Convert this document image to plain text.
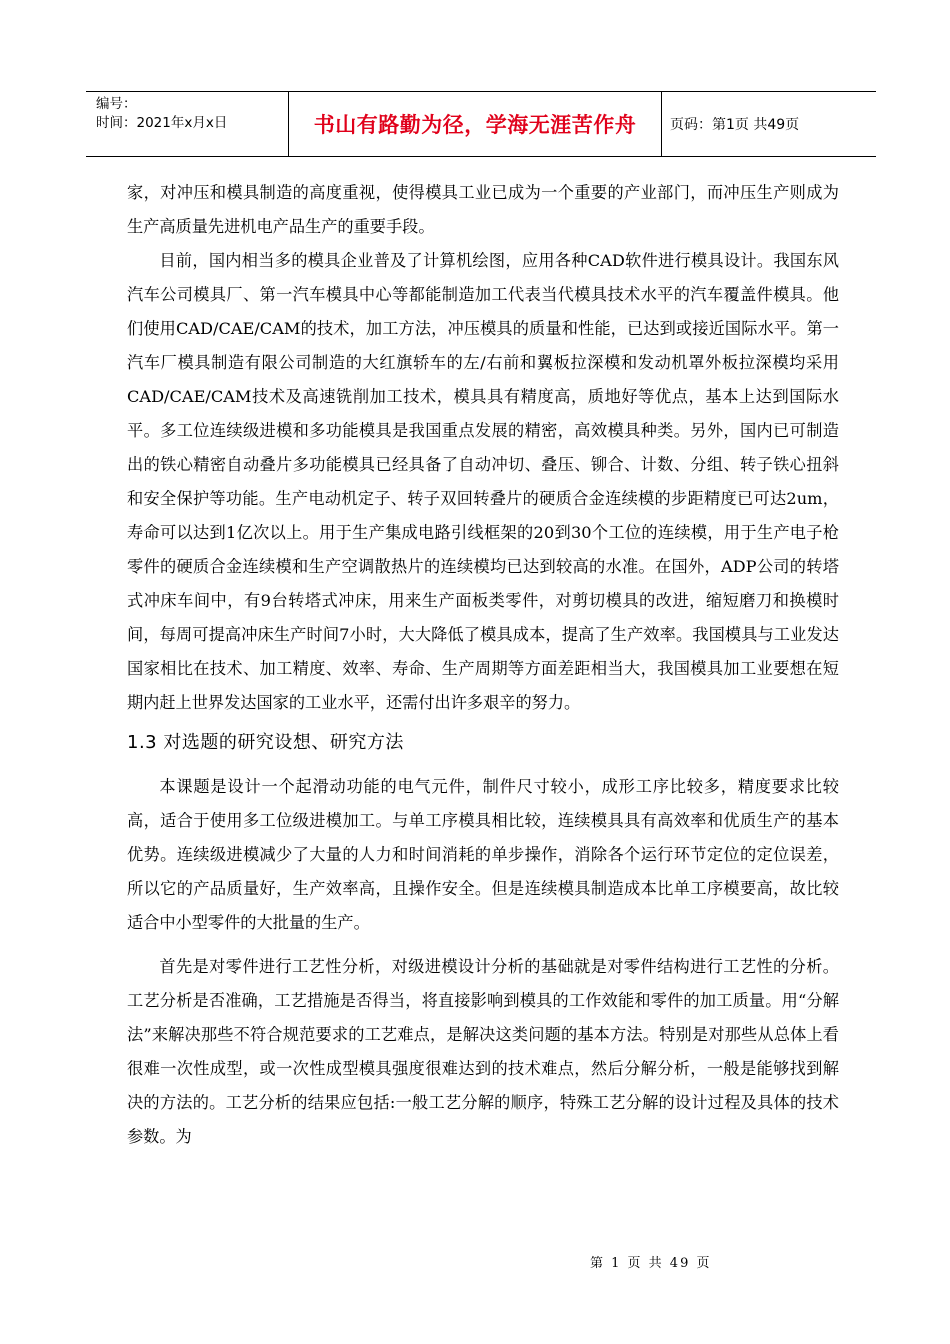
编号：
时间：2021年x月x日	书山有路勤为径，学海无涯苦作舟	页码：第1页 共49页

家，对冲压和模具制造的高度重视，使得模具工业已成为一个重要的产业部门，而冲压生产则成为生产高质量先进机电产品生产的重要手段。

目前，国内相当多的模具企业普及了计算机绘图，应用各种CAD软件进行模具设计。我国东风汽车公司模具厂、第一汽车模具中心等都能制造加工代表当代模具技术水平的汽车覆盖件模具。他们使用CAD/CAE/CAM的技术，加工方法，冲压模具的质量和性能，已达到或接近国际水平。第一汽车厂模具制造有限公司制造的大红旗轿车的左/右前和翼板拉深模和发动机罩外板拉深模均采用CAD/CAE/CAM技术及高速铣削加工技术，模具具有精度高，质地好等优点，基本上达到国际水平。多工位连续级进模和多功能模具是我国重点发展的精密，高效模具种类。另外，国内已可制造出的铁心精密自动叠片多功能模具已经具备了自动冲切、叠压、铆合、计数、分组、转子铁心扭斜和安全保护等功能。生产电动机定子、转子双回转叠片的硬质合金连续模的步距精度已可达2um，寿命可以达到1亿次以上。用于生产集成电路引线框架的20到30个工位的连续模，用于生产电子枪零件的硬质合金连续模和生产空调散热片的连续模均已达到较高的水准。在国外，ADP公司的转塔式冲床车间中，有9台转塔式冲床，用来生产面板类零件，对剪切模具的改进，缩短磨刀和换模时间，每周可提高冲床生产时间7小时，大大降低了模具成本，提高了生产效率。我国模具与工业发达国家相比在技术、加工精度、效率、寿命、生产周期等方面差距相当大，我国模具加工业要想在短期内赶上世界发达国家的工业水平，还需付出许多艰辛的努力。

1.3 对选题的研究设想、研究方法

本课题是设计一个起滑动功能的电气元件，制件尺寸较小，成形工序比较多，精度要求比较高，适合于使用多工位级进模加工。与单工序模具相比较，连续模具具有高效率和优质生产的基本优势。连续级进模减少了大量的人力和时间消耗的单步操作，消除各个运行环节定位的定位误差，所以它的产品质量好，生产效率高，且操作安全。但是连续模具制造成本比单工序模要高，故比较适合中小型零件的大批量的生产。

首先是对零件进行工艺性分析，对级进模设计分析的基础就是对零件结构进行工艺性的分析。工艺分析是否准确，工艺措施是否得当，将直接影响到模具的工作效能和零件的加工质量。用“分解法”来解决那些不符合规范要求的工艺难点，是解决这类问题的基本方法。特别是对那些从总体上看很难一次性成型，或一次性成型模具强度很难达到的技术难点，然后分解分析，一般是能够找到解决的方法的。工艺分析的结果应包括:一般工艺分解的顺序，特殊工艺分解的设计过程及具体的技术参数。为

第 1 页 共 49 页
